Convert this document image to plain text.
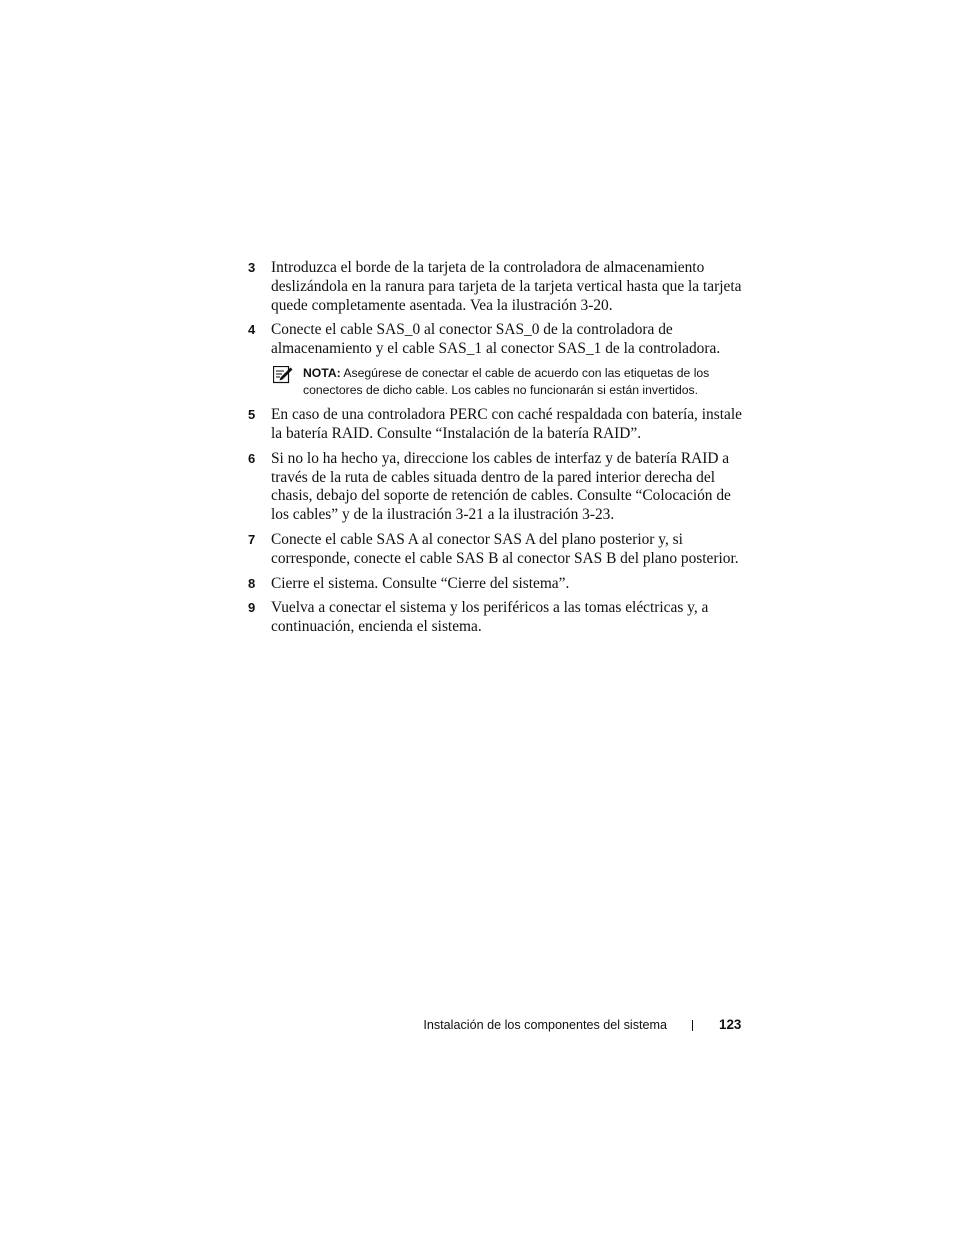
3 Introduzca el borde de la tarjeta de la controladora de almacenamiento deslizándola en la ranura para tarjeta de la tarjeta vertical hasta que la tarjeta quede completamente asentada. Vea la ilustración 3-20.
4 Conecte el cable SAS_0 al conector SAS_0 de la controladora de almacenamiento y el cable SAS_1 al conector SAS_1 de la controladora.
NOTA: Asegúrese de conectar el cable de acuerdo con las etiquetas de los conectores de dicho cable. Los cables no funcionarán si están invertidos.
5 En caso de una controladora PERC con caché respaldada con batería, instale la batería RAID. Consulte “Instalación de la batería RAID”.
6 Si no lo ha hecho ya, direccione los cables de interfaz y de batería RAID a través de la ruta de cables situada dentro de la pared interior derecha del chasis, debajo del soporte de retención de cables. Consulte “Colocación de los cables” y de la ilustración 3-21 a la ilustración 3-23.
7 Conecte el cable SAS A al conector SAS A del plano posterior y, si corresponde, conecte el cable SAS B al conector SAS B del plano posterior.
8 Cierre el sistema. Consulte “Cierre del sistema”.
9 Vuelva a conectar el sistema y los periféricos a las tomas eléctricas y, a continuación, encienda el sistema.
Instalación de los componentes del sistema	123
